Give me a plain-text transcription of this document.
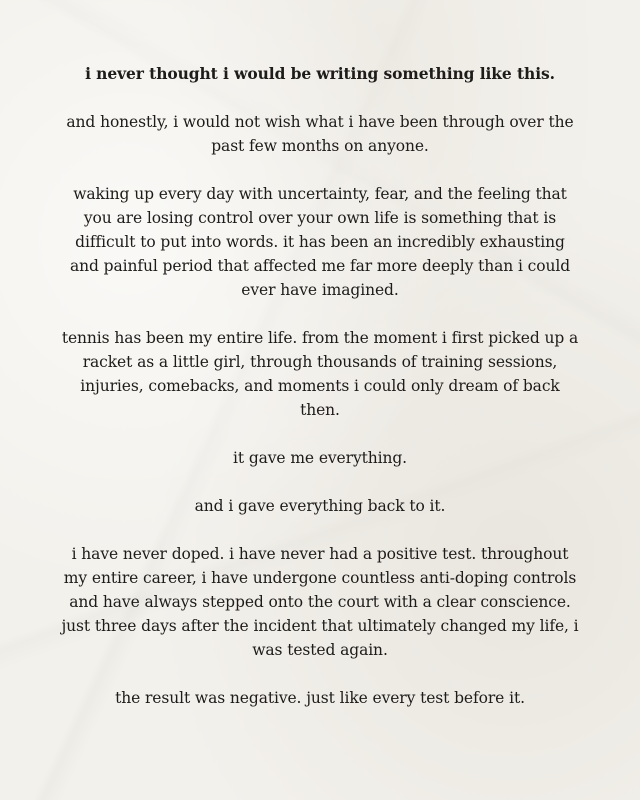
i never thought i would be writing something like this.

and honestly, i would not wish what i have been through over the past few months on anyone.

waking up every day with uncertainty, fear, and the feeling that you are losing control over your own life is something that is difficult to put into words. it has been an incredibly exhausting and painful period that affected me far more deeply than i could ever have imagined.

tennis has been my entire life. from the moment i first picked up a racket as a little girl, through thousands of training sessions, injuries, comebacks, and moments i could only dream of back then.

it gave me everything.

and i gave everything back to it.

i have never doped. i have never had a positive test. throughout my entire career, i have undergone countless anti-doping controls and have always stepped onto the court with a clear conscience. just three days after the incident that ultimately changed my life, i was tested again.

the result was negative. just like every test before it.
